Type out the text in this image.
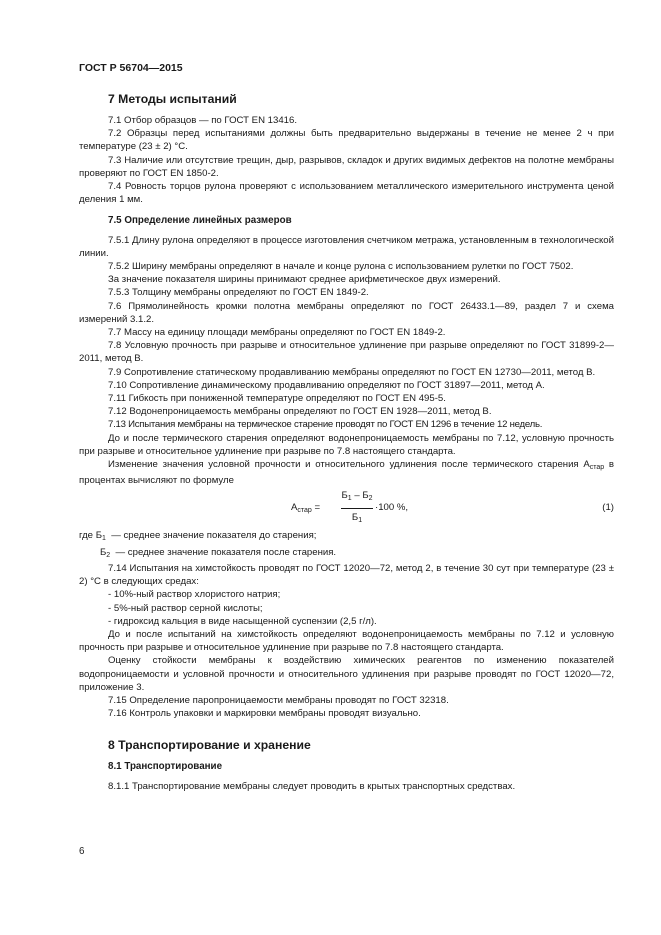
ГОСТ Р 56704—2015
7 Методы испытаний

7.1 Отбор образцов — по ГОСТ EN 13416.

7.2 Образцы перед испытаниями должны быть предварительно выдержаны в течение не менее 2 ч при температуре (23 ± 2) °С.

7.3 Наличие или отсутствие трещин, дыр, разрывов, складок и других видимых дефектов на полотне мембраны проверяют по ГОСТ EN 1850-2.

7.4 Ровность торцов рулона проверяют с использованием металлического измерительного инструмента ценой деления 1 мм.

7.5 Определение линейных размеров

7.5.1 Длину рулона определяют в процессе изготовления счетчиком метража, установленным в технологической линии.

7.5.2 Ширину мембраны определяют в начале и конце рулона с использованием рулетки по ГОСТ 7502.

За значение показателя ширины принимают среднее арифметическое двух измерений.

7.5.3 Толщину мембраны определяют по ГОСТ EN 1849-2.

7.6 Прямолинейность кромки полотна мембраны определяют по ГОСТ 26433.1—89, раздел 7 и схема измерений 3.1.2.

7.7 Массу на единицу площади мембраны определяют по ГОСТ EN 1849-2.

7.8 Условную прочность при разрыве и относительное удлинение при разрыве определяют по ГОСТ 31899-2—2011, метод В.

7.9 Сопротивление статическому продавливанию мембраны определяют по ГОСТ EN 12730—2011, метод В.

7.10 Сопротивление динамическому продавливанию определяют по ГОСТ 31897—2011, метод А.

7.11 Гибкость при пониженной температуре определяют по ГОСТ EN 495-5.

7.12 Водонепроницаемость мембраны определяют по ГОСТ EN 1928—2011, метод В.

7.13 Испытания мембраны на термическое старение проводят по ГОСТ EN 1296 в течение 12 недель.

До и после термического старения определяют водонепроницаемость мембраны по 7.12, условную прочность при разрыве и относительное удлинение при разрыве по 7.8 настоящего стандарта.

Изменение значения условной прочности и относительного удлинения после термического старения $А_{стар}$ в процентах вычисляют по формуле

$А_{стар}$ =
$Б_1 - Б_2$
$Б_1$
·100 %,	(1)

где $Б_1$ — среднее значение показателя до старения;

$Б_2$ — среднее значение показателя после старения.

7.14 Испытания на химстойкость проводят по ГОСТ 12020—72, метод 2, в течение 30 сут при температуре (23 ± 2) °С в следующих средах:

- 10%-ный раствор хлористого натрия;

- 5%-ный раствор серной кислоты;

- гидроксид кальция в виде насыщенной суспензии (2,5 г/л).

До и после испытаний на химстойкость определяют водонепроницаемость мембраны по 7.12 и условную прочность при разрыве и относительное удлинение при разрыве по 7.8 настоящего стандарта.

Оценку стойкости мембраны к воздействию химических реагентов по изменению показателей водопроницаемости и условной прочности и относительного удлинения при разрыве проводят по ГОСТ 12020—72, приложение 3.

7.15 Определение паропроницаемости мембраны проводят по ГОСТ 32318.

7.16 Контроль упаковки и маркировки мембраны проводят визуально.

8 Транспортирование и хранение
8.1 Транспортирование

8.1.1 Транспортирование мембраны следует проводить в крытых транспортных средствах.

6
